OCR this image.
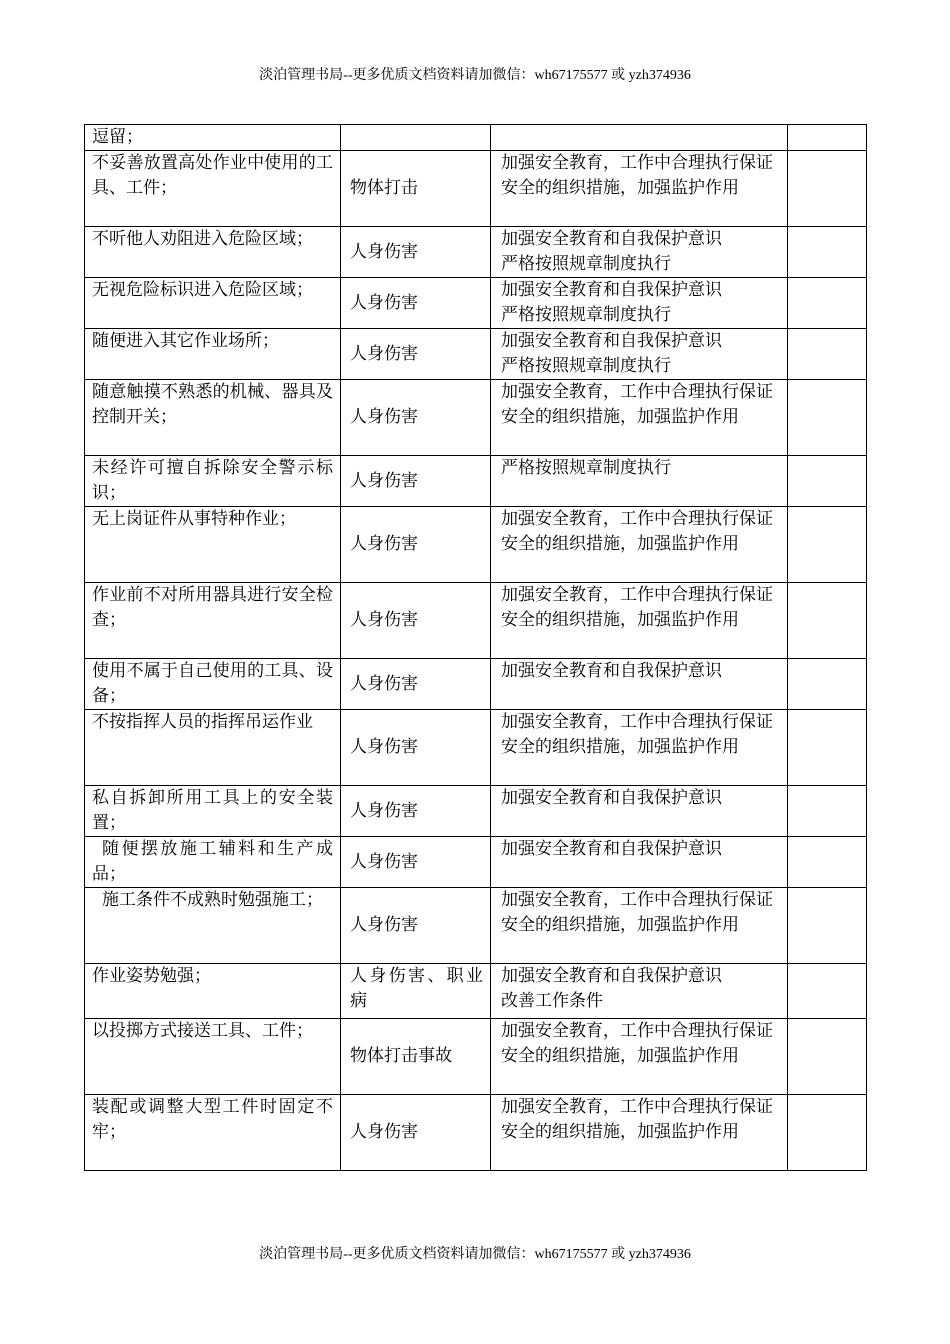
淡泊管理书局--更多优质文档资料请加微信：wh67175577 或 yzh374936
逗留；			
不妥善放置高处作业中使用的工具、工件；	物体打击	加强安全教育，工作中合理执行保证安全的组织措施，加强监护作用	

不听他人劝阻进入危险区域；	人身伤害	加强安全教育和自我保护意识
严格按照规章制度执行	

无视危险标识进入危险区域；	人身伤害	加强安全教育和自我保护意识
严格按照规章制度执行	

随便进入其它作业场所；	人身伤害	加强安全教育和自我保护意识
严格按照规章制度执行	

随意触摸不熟悉的机械、器具及控制开关；	人身伤害	加强安全教育，工作中合理执行保证安全的组织措施，加强监护作用	

未经许可擅自拆除安全警示标识；	人身伤害	严格按照规章制度执行	

无上岗证件从事特种作业；	人身伤害	加强安全教育，工作中合理执行保证安全的组织措施，加强监护作用	

作业前不对所用器具进行安全检查；	人身伤害	加强安全教育，工作中合理执行保证安全的组织措施，加强监护作用	

使用不属于自己使用的工具、设备；	人身伤害	加强安全教育和自我保护意识	

不按指挥人员的指挥吊运作业	人身伤害	加强安全教育，工作中合理执行保证安全的组织措施，加强监护作用	

私自拆卸所用工具上的安全装置；	人身伤害	加强安全教育和自我保护意识	

随便摆放施工辅料和生产成品；	人身伤害	加强安全教育和自我保护意识	

施工条件不成熟时勉强施工；	人身伤害	加强安全教育，工作中合理执行保证安全的组织措施，加强监护作用	

作业姿势勉强；	人身伤害、职业病	加强安全教育和自我保护意识
改善工作条件	

以投掷方式接送工具、工件；	物体打击事故	加强安全教育，工作中合理执行保证安全的组织措施，加强监护作用	

装配或调整大型工件时固定不牢；	人身伤害	加强安全教育，工作中合理执行保证安全的组织措施，加强监护作用	

淡泊管理书局--更多优质文档资料请加微信：wh67175577 或 yzh374936
